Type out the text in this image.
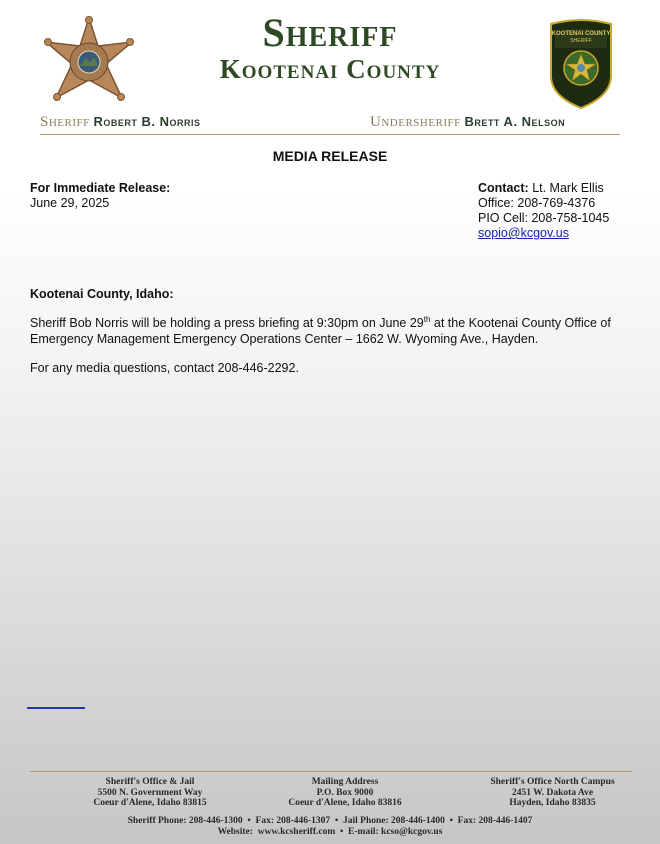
KOOTENAI COUNTY
SHERIFF
Sheriff
Kootenai County
Sheriff Robert B. Norris	Undersheriff Brett A. Nelson
MEDIA RELEASE
For Immediate Release:
June 29, 2025
Contact: Lt. Mark Ellis
Office: 208-769-4376
PIO Cell: 208-758-1045
sopio@kcgov.us
Kootenai County, Idaho:
Sheriff Bob Norris will be holding a press briefing at 9:30pm on June 29th at the Kootenai County Office of Emergency Management Emergency Operations Center – 1662 W. Wyoming Ave., Hayden.
For any media questions, contact 208-446-2292.
Sheriff's Office & Jail
5500 N. Government Way
Coeur d'Alene, Idaho 83815
Mailing Address
P.O. Box 9000
Coeur d'Alene, Idaho 83816
Sheriff's Office North Campus
2451 W. Dakota Ave
Hayden, Idaho 83835
Sheriff Phone: 208-446-1300  •  Fax: 208-446-1307  •  Jail Phone: 208-446-1400  •  Fax: 208-446-1407
Website:  www.kcsheriff.com  •  E-mail: kcso@kcgov.us
